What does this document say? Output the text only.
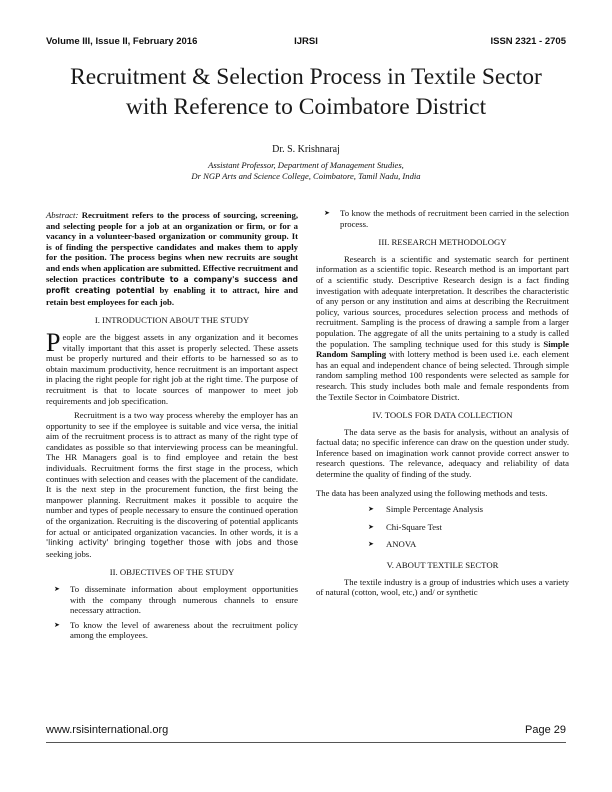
Volume III, Issue II, February 2016	IJRSI	ISSN 2321 - 2705
Recruitment & Selection Process in Textile Sector
with Reference to Coimbatore District
Dr. S. Krishnaraj
Assistant Professor, Department of Management Studies,
Dr NGP Arts and Science College, Coimbatore, Tamil Nadu, India

Abstract: Recruitment refers to the process of sourcing, screening, and selecting people for a job at an organization or firm, or for a vacancy in a volunteer-based organization or community group. It is of finding the perspective candidates and makes them to apply for the position. The process begins when new recruits are sought and ends when application are submitted. Effective recruitment and selection practices contribute to a company's success and profit creating potential by enabling it to attract, hire and retain best employees for each job.

I. INTRODUCTION ABOUT THE STUDY

People are the biggest assets in any organization and it becomes vitally important that this asset is properly selected. These assets must be properly nurtured and their efforts to be harnessed so as to obtain maximum productivity, hence recruitment is an important aspect in placing the right people for right job at the right time. The purpose of recruitment is that to locate sources of manpower to meet job requirements and job specification.

Recruitment is a two way process whereby the employer has an opportunity to see if the employee is suitable and vice versa, the initial aim of the recruitment process is to attract as many of the right type of candidates as possible so that interviewing process can be meaningful. The HR Managers goal is to find employee and retain the best individuals. Recruitment forms the first stage in the process, which continues with selection and ceases with the placement of the candidate. It is the next step in the procurement function, the first being the manpower planning. Recruitment makes it possible to acquire the number and types of people necessary to ensure the continued operation of the organization. Recruiting is the discovering of potential applicants for actual or anticipated organization vacancies. In other words, it is a 'linking activity' bringing together those with jobs and those seeking jobs.

II. OBJECTIVES OF THE STUDY
➤ To disseminate information about employment opportunities with the company through numerous channels to ensure necessary attraction.
➤ To know the level of awareness about the recruitment policy among the employees.
➤ To know the methods of recruitment been carried in the selection process.
III. RESEARCH METHODOLOGY

Research is a scientific and systematic search for pertinent information as a scientific topic. Research method is an important part of a scientific study. Descriptive Research design is a fact finding investigation with adequate interpretation. It describes the characteristic of any person or any institution and aims at describing the Recruitment policy, various sources, procedures selection process and methods of recruitment. Sampling is the process of drawing a sample from a larger population. The aggregate of all the units pertaining to a study is called the population. The sampling technique used for this study is Simple Random Sampling with lottery method is been used i.e. each element has an equal and independent chance of being selected. Through simple random sampling method 100 respondents were selected as sample for research. This study includes both male and female respondents from the Textile Sector in Coimbatore District.

IV. TOOLS FOR DATA COLLECTION

The data serve as the basis for analysis, without an analysis of factual data; no specific inference can draw on the question under study. Inference based on imagination work cannot provide correct answer to research questions. The relevance, adequacy and reliability of data determine the quality of finding of the study.

The data has been analyzed using the following methods and tests.

➤ Simple Percentage Analysis
➤ Chi-Square Test
➤ ANOVA
V. ABOUT TEXTILE SECTOR

The textile industry is a group of industries which uses a variety of natural (cotton, wool, etc,) and/ or synthetic

www.rsisinternational.org	Page 29
